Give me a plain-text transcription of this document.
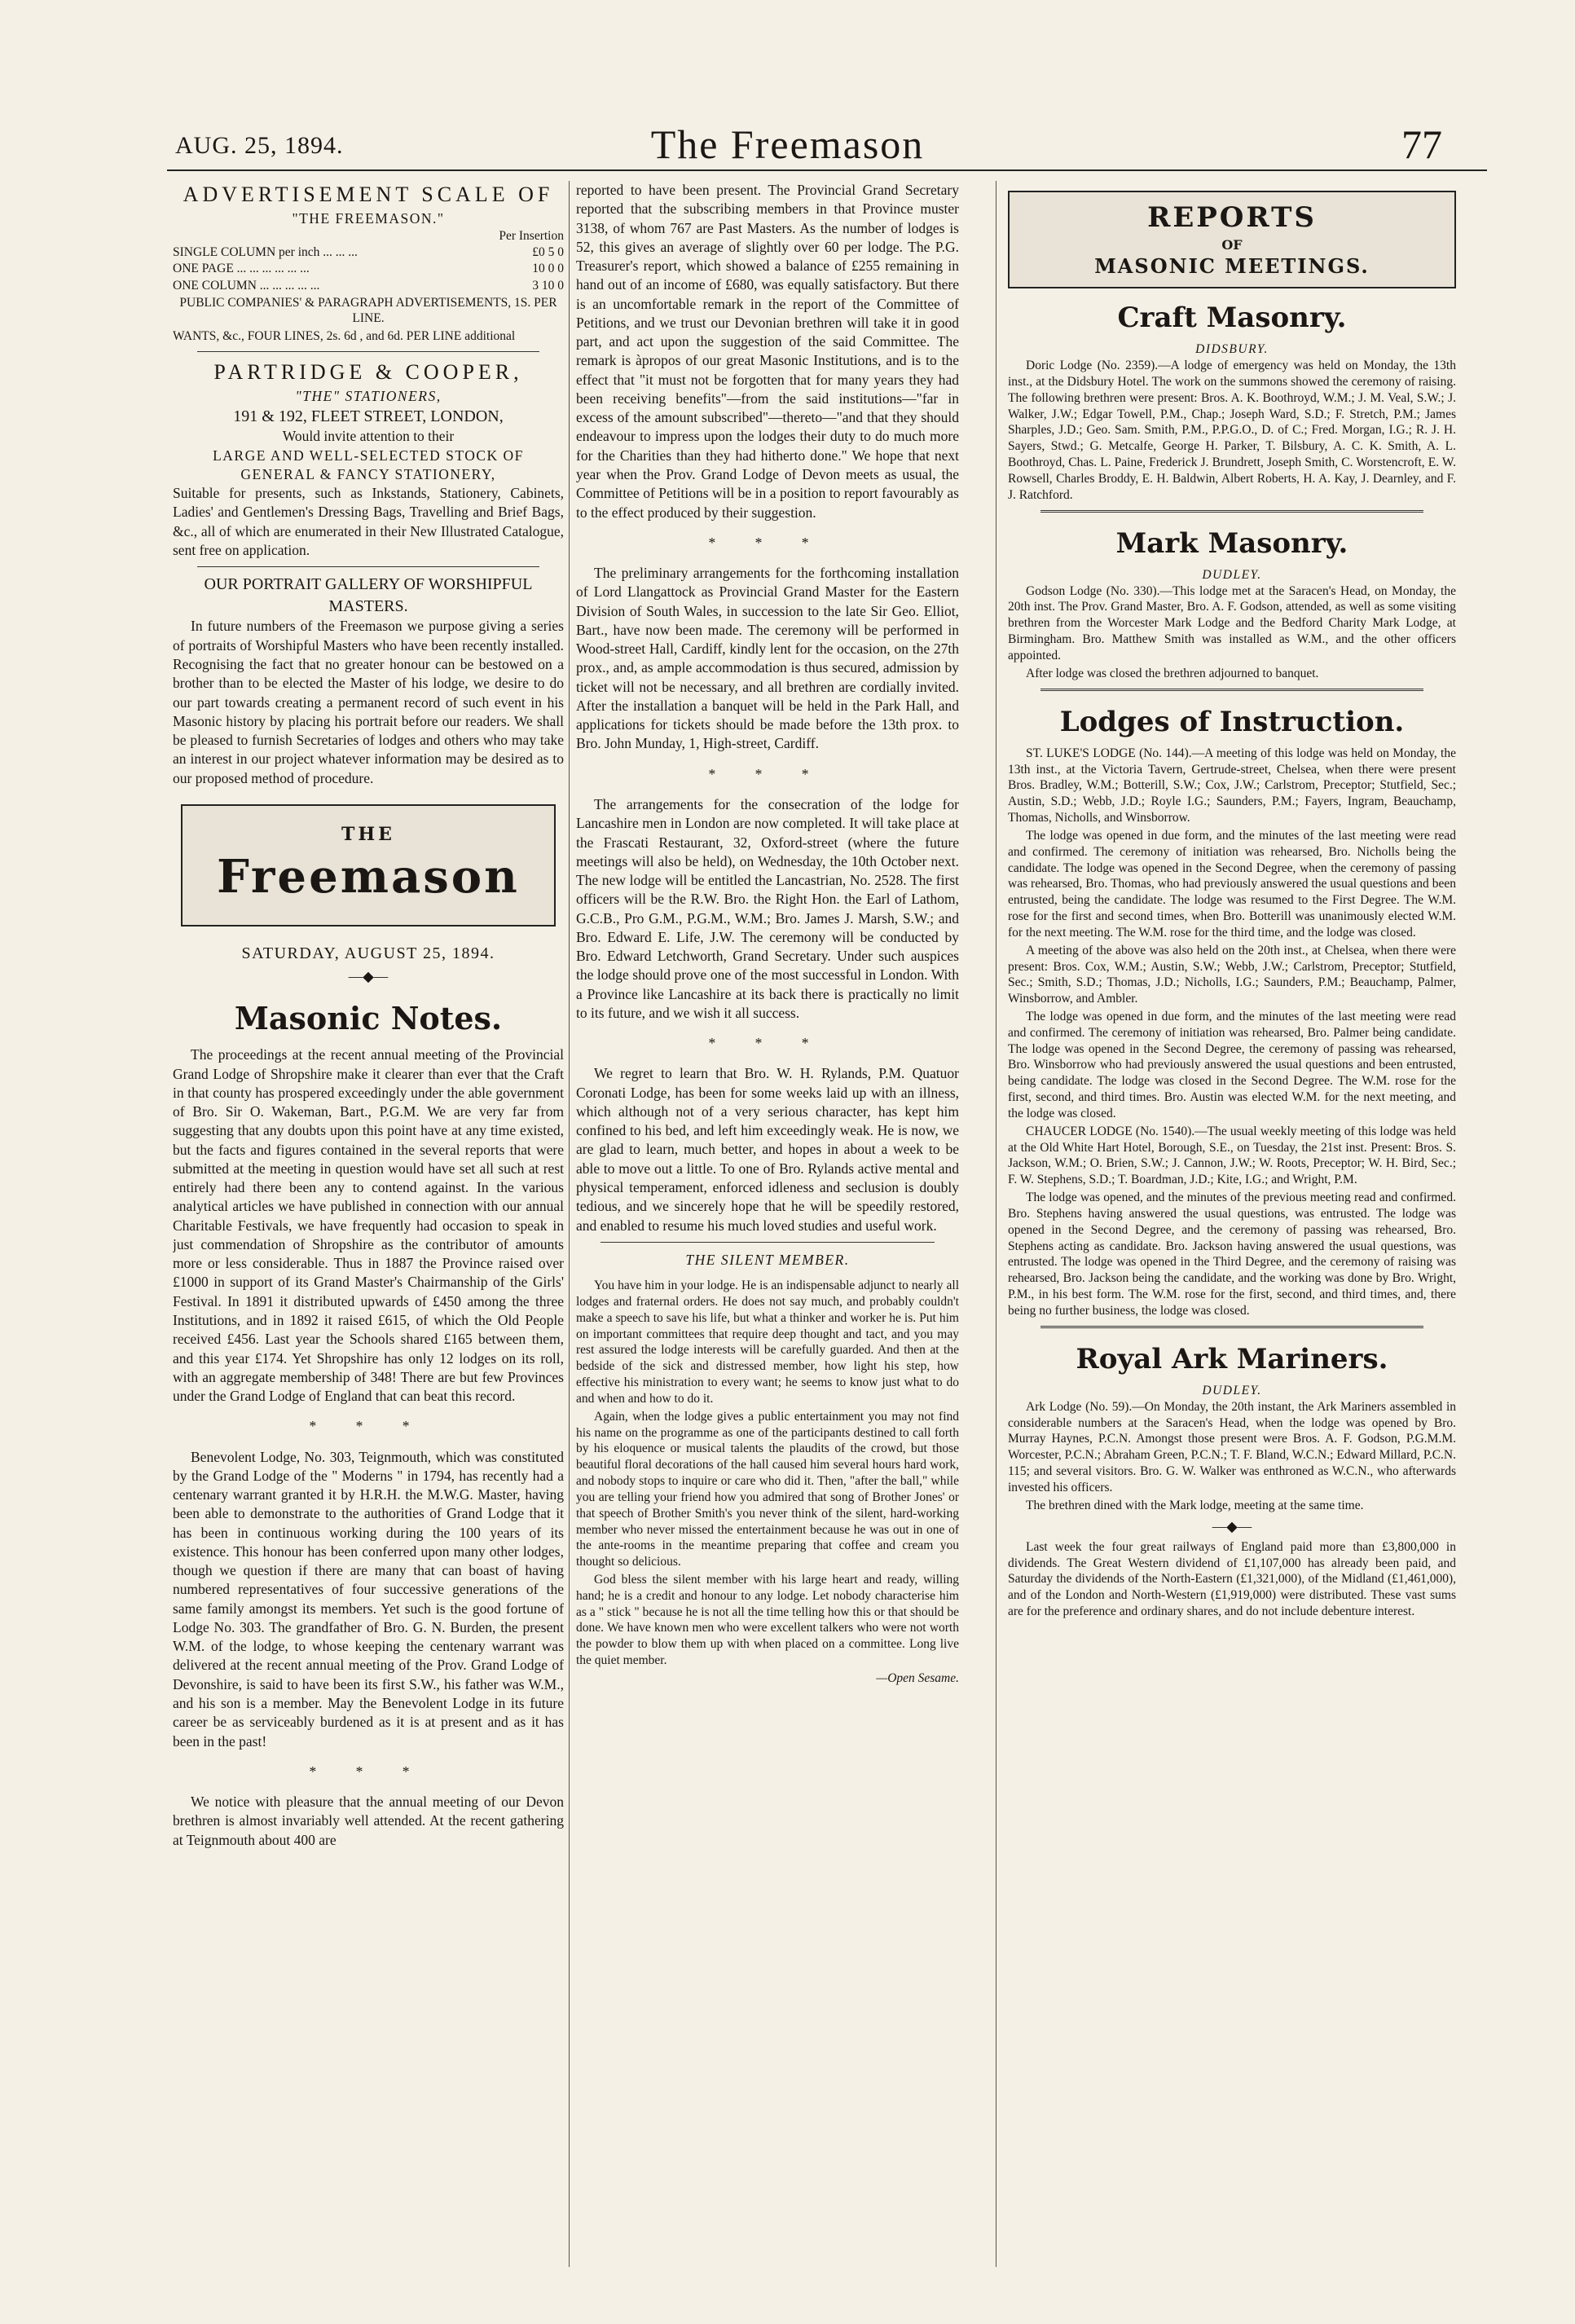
AUG. 25, 1894.	The Freemason	77
ADVERTISEMENT SCALE OF
"THE FREEMASON."
Per Insertion
SINGLE COLUMN per inch ... ... ...	£0 5 0
ONE PAGE ... ... ... ... ... ...	10 0 0
ONE COLUMN ... ... ... ... ...	3 10 0

PUBLIC COMPANIES' & PARAGRAPH ADVERTISEMENTS, 1S. PER LINE.

WANTS, &c., FOUR LINES, 2s. 6d , and 6d. PER LINE additional

PARTRIDGE & COOPER,
"THE" STATIONERS,
191 & 192, FLEET STREET, LONDON,
Would invite attention to their
LARGE AND WELL-SELECTED STOCK OF
GENERAL & FANCY STATIONERY,

Suitable for presents, such as Inkstands, Stationery, Cabinets, Ladies' and Gentlemen's Dressing Bags, Travelling and Brief Bags, &c., all of which are enumerated in their New Illustrated Catalogue, sent free on application.

OUR PORTRAIT GALLERY OF WORSHIPFUL MASTERS.

In future numbers of the Freemason we purpose giving a series of portraits of Worshipful Masters who have been recently installed. Recognising the fact that no greater honour can be bestowed on a brother than to be elected the Master of his lodge, we desire to do our part towards creating a permanent record of such event in his Masonic history by placing his portrait before our readers. We shall be pleased to furnish Secretaries of lodges and others who may take an interest in our project whatever information may be desired as to our proposed method of procedure.

THE
Freemason
SATURDAY, AUGUST 25, 1894.
—◆—
Masonic Notes.

The proceedings at the recent annual meeting of the Provincial Grand Lodge of Shropshire make it clearer than ever that the Craft in that county has prospered exceedingly under the able government of Bro. Sir O. Wakeman, Bart., P.G.M. We are very far from suggesting that any doubts upon this point have at any time existed, but the facts and figures contained in the several reports that were submitted at the meeting in question would have set all such at rest entirely had there been any to contend against. In the various analytical articles we have published in connection with our annual Charitable Festivals, we have frequently had occasion to speak in just commendation of Shropshire as the contributor of amounts more or less considerable. Thus in 1887 the Province raised over £1000 in support of its Grand Master's Chairmanship of the Girls' Festival. In 1891 it distributed upwards of £450 among the three Institutions, and in 1892 it raised £615, of which the Old People received £456. Last year the Schools shared £165 between them, and this year £174. Yet Shropshire has only 12 lodges on its roll, with an aggregate membership of 348! There are but few Provinces under the Grand Lodge of England that can beat this record.

* * *

Benevolent Lodge, No. 303, Teignmouth, which was constituted by the Grand Lodge of the " Moderns " in 1794, has recently had a centenary warrant granted it by H.R.H. the M.W.G. Master, having been able to demonstrate to the authorities of Grand Lodge that it has been in continuous working during the 100 years of its existence. This honour has been conferred upon many other lodges, though we question if there are many that can boast of having numbered representatives of four successive generations of the same family amongst its members. Yet such is the good fortune of Lodge No. 303. The grandfather of Bro. G. N. Burden, the present W.M. of the lodge, to whose keeping the centenary warrant was delivered at the recent annual meeting of the Prov. Grand Lodge of Devonshire, is said to have been its first S.W., his father was W.M., and his son is a member. May the Benevolent Lodge in its future career be as serviceably burdened as it is at present and as it has been in the past!

* * *

We notice with pleasure that the annual meeting of our Devon brethren is almost invariably well attended. At the recent gathering at Teignmouth about 400 are

reported to have been present. The Provincial Grand Secretary reported that the subscribing members in that Province muster 3138, of whom 767 are Past Masters. As the number of lodges is 52, this gives an average of slightly over 60 per lodge. The P.G. Treasurer's report, which showed a balance of £255 remaining in hand out of an income of £680, was equally satisfactory. But there is an uncomfortable remark in the report of the Committee of Petitions, and we trust our Devonian brethren will take it in good part, and act upon the suggestion of the said Committee. The remark is àpropos of our great Masonic Institutions, and is to the effect that "it must not be forgotten that for many years they had been receiving benefits"—from the said institutions—"far in excess of the amount subscribed"—thereto—"and that they should endeavour to impress upon the lodges their duty to do much more for the Charities than they had hitherto done." We hope that next year when the Prov. Grand Lodge of Devon meets as usual, the Committee of Petitions will be in a position to report favourably as to the effect produced by their suggestion.

* * *

The preliminary arrangements for the forthcoming installation of Lord Llangattock as Provincial Grand Master for the Eastern Division of South Wales, in succession to the late Sir Geo. Elliot, Bart., have now been made. The ceremony will be performed in Wood-street Hall, Cardiff, kindly lent for the occasion, on the 27th prox., and, as ample accommodation is thus secured, admission by ticket will not be necessary, and all brethren are cordially invited. After the installation a banquet will be held in the Park Hall, and applications for tickets should be made before the 13th prox. to Bro. John Munday, 1, High-street, Cardiff.

* * *

The arrangements for the consecration of the lodge for Lancashire men in London are now completed. It will take place at the Frascati Restaurant, 32, Oxford-street (where the future meetings will also be held), on Wednesday, the 10th October next. The new lodge will be entitled the Lancastrian, No. 2528. The first officers will be the R.W. Bro. the Right Hon. the Earl of Lathom, G.C.B., Pro G.M., P.G.M., W.M.; Bro. James J. Marsh, S.W.; and Bro. Edward E. Life, J.W. The ceremony will be conducted by Bro. Edward Letchworth, Grand Secretary. Under such auspices the lodge should prove one of the most successful in London. With a Province like Lancashire at its back there is practically no limit to its future, and we wish it all success.

* * *

We regret to learn that Bro. W. H. Rylands, P.M. Quatuor Coronati Lodge, has been for some weeks laid up with an illness, which although not of a very serious character, has kept him confined to his bed, and left him exceedingly weak. He is now, we are glad to learn, much better, and hopes in about a week to be able to move out a little. To one of Bro. Rylands active mental and physical temperament, enforced idleness and seclusion is doubly tedious, and we sincerely hope that he will be speedily restored, and enabled to resume his much loved studies and useful work.

THE SILENT MEMBER.

You have him in your lodge. He is an indispensable adjunct to nearly all lodges and fraternal orders. He does not say much, and probably couldn't make a speech to save his life, but what a thinker and worker he is. Put him on important committees that require deep thought and tact, and you may rest assured the lodge interests will be carefully guarded. And then at the bedside of the sick and distressed member, how light his step, how effective his ministration to every want; he seems to know just what to do and when and how to do it.

Again, when the lodge gives a public entertainment you may not find his name on the programme as one of the participants destined to call forth by his eloquence or musical talents the plaudits of the crowd, but those beautiful floral decorations of the hall caused him several hours hard work, and nobody stops to inquire or care who did it. Then, "after the ball," while you are telling your friend how you admired that song of Brother Jones' or that speech of Brother Smith's you never think of the silent, hard-working member who never missed the entertainment because he was out in one of the ante-rooms in the meantime preparing that coffee and cream you thought so delicious.

God bless the silent member with his large heart and ready, willing hand; he is a credit and honour to any lodge. Let nobody characterise him as a " stick " because he is not all the time telling how this or that should be done. We have known men who were excellent talkers who were not worth the powder to blow them up with when placed on a committee. Long live the quiet member.

—Open Sesame.

REPORTS
OF
MASONIC MEETINGS.
Craft Masonry.
DIDSBURY.

Doric Lodge (No. 2359).—A lodge of emergency was held on Monday, the 13th inst., at the Didsbury Hotel. The work on the summons showed the ceremony of raising. The following brethren were present: Bros. A. K. Boothroyd, W.M.; J. M. Veal, S.W.; J. Walker, J.W.; Edgar Towell, P.M., Chap.; Joseph Ward, S.D.; F. Stretch, P.M.; James Sharples, J.D.; Geo. Sam. Smith, P.M., P.P.G.O., D. of C.; Fred. Morgan, I.G.; R. J. H. Sayers, Stwd.; G. Metcalfe, George H. Parker, T. Bilsbury, A. C. K. Smith, A. L. Boothroyd, Chas. L. Paine, Frederick J. Brundrett, Joseph Smith, C. Worstencroft, E. W. Rowsell, Charles Broddy, E. H. Baldwin, Albert Roberts, H. A. Kay, J. Dearnley, and F. J. Ratchford.

Mark Masonry.
DUDLEY.

Godson Lodge (No. 330).—This lodge met at the Saracen's Head, on Monday, the 20th inst. The Prov. Grand Master, Bro. A. F. Godson, attended, as well as some visiting brethren from the Worcester Mark Lodge and the Bedford Charity Mark Lodge, at Birmingham. Bro. Matthew Smith was installed as W.M., and the other officers appointed.

After lodge was closed the brethren adjourned to banquet.

Lodges of Instruction.

ST. LUKE'S LODGE (No. 144).—A meeting of this lodge was held on Monday, the 13th inst., at the Victoria Tavern, Gertrude-street, Chelsea, when there were present Bros. Bradley, W.M.; Botterill, S.W.; Cox, J.W.; Carlstrom, Preceptor; Stutfield, Sec.; Austin, S.D.; Webb, J.D.; Royle I.G.; Saunders, P.M.; Fayers, Ingram, Beauchamp, Thomas, Nicholls, and Winsborrow.

The lodge was opened in due form, and the minutes of the last meeting were read and confirmed. The ceremony of initiation was rehearsed, Bro. Nicholls being the candidate. The lodge was opened in the Second Degree, when the ceremony of passing was rehearsed, Bro. Thomas, who had previously answered the usual questions and been entrusted, being the candidate. The lodge was resumed to the First Degree. The W.M. rose for the first and second times, when Bro. Botterill was unanimously elected W.M. for the next meeting. The W.M. rose for the third time, and the lodge was closed.

A meeting of the above was also held on the 20th inst., at Chelsea, when there were present: Bros. Cox, W.M.; Austin, S.W.; Webb, J.W.; Carlstrom, Preceptor; Stutfield, Sec.; Smith, S.D.; Thomas, J.D.; Nicholls, I.G.; Saunders, P.M.; Beauchamp, Palmer, Winsborrow, and Ambler.

The lodge was opened in due form, and the minutes of the last meeting were read and confirmed. The ceremony of initiation was rehearsed, Bro. Palmer being candidate. The lodge was opened in the Second Degree, the ceremony of passing was rehearsed, Bro. Winsborrow who had previously answered the usual questions and been entrusted, being candidate. The lodge was closed in the Second Degree. The W.M. rose for the first, second, and third times. Bro. Austin was elected W.M. for the next meeting, and the lodge was closed.

CHAUCER LODGE (No. 1540).—The usual weekly meeting of this lodge was held at the Old White Hart Hotel, Borough, S.E., on Tuesday, the 21st inst. Present: Bros. S. Jackson, W.M.; O. Brien, S.W.; J. Cannon, J.W.; W. Roots, Preceptor; W. H. Bird, Sec.; F. W. Stephens, S.D.; T. Boardman, J.D.; Kite, I.G.; and Wright, P.M.

The lodge was opened, and the minutes of the previous meeting read and confirmed. Bro. Stephens having answered the usual questions, was entrusted. The lodge was opened in the Second Degree, and the ceremony of passing was rehearsed, Bro. Stephens acting as candidate. Bro. Jackson having answered the usual questions, was entrusted. The lodge was opened in the Third Degree, and the ceremony of raising was rehearsed, Bro. Jackson being the candidate, and the working was done by Bro. Wright, P.M., in his best form. The W.M. rose for the first, second, and third times, and, there being no further business, the lodge was closed.

Royal Ark Mariners.
DUDLEY.

Ark Lodge (No. 59).—On Monday, the 20th instant, the Ark Mariners assembled in considerable numbers at the Saracen's Head, when the lodge was opened by Bro. Murray Haynes, P.C.N. Amongst those present were Bros. A. F. Godson, P.G.M.M. Worcester, P.C.N.; Abraham Green, P.C.N.; T. F. Bland, W.C.N.; Edward Millard, P.C.N. 115; and several visitors. Bro. G. W. Walker was enthroned as W.C.N., who afterwards invested his officers.

The brethren dined with the Mark lodge, meeting at the same time.

—◆—

Last week the four great railways of England paid more than £3,800,000 in dividends. The Great Western dividend of £1,107,000 has already been paid, and Saturday the dividends of the North-Eastern (£1,321,000), of the Midland (£1,461,000), and of the London and North-Western (£1,919,000) were distributed. These vast sums are for the preference and ordinary shares, and do not include debenture interest.
